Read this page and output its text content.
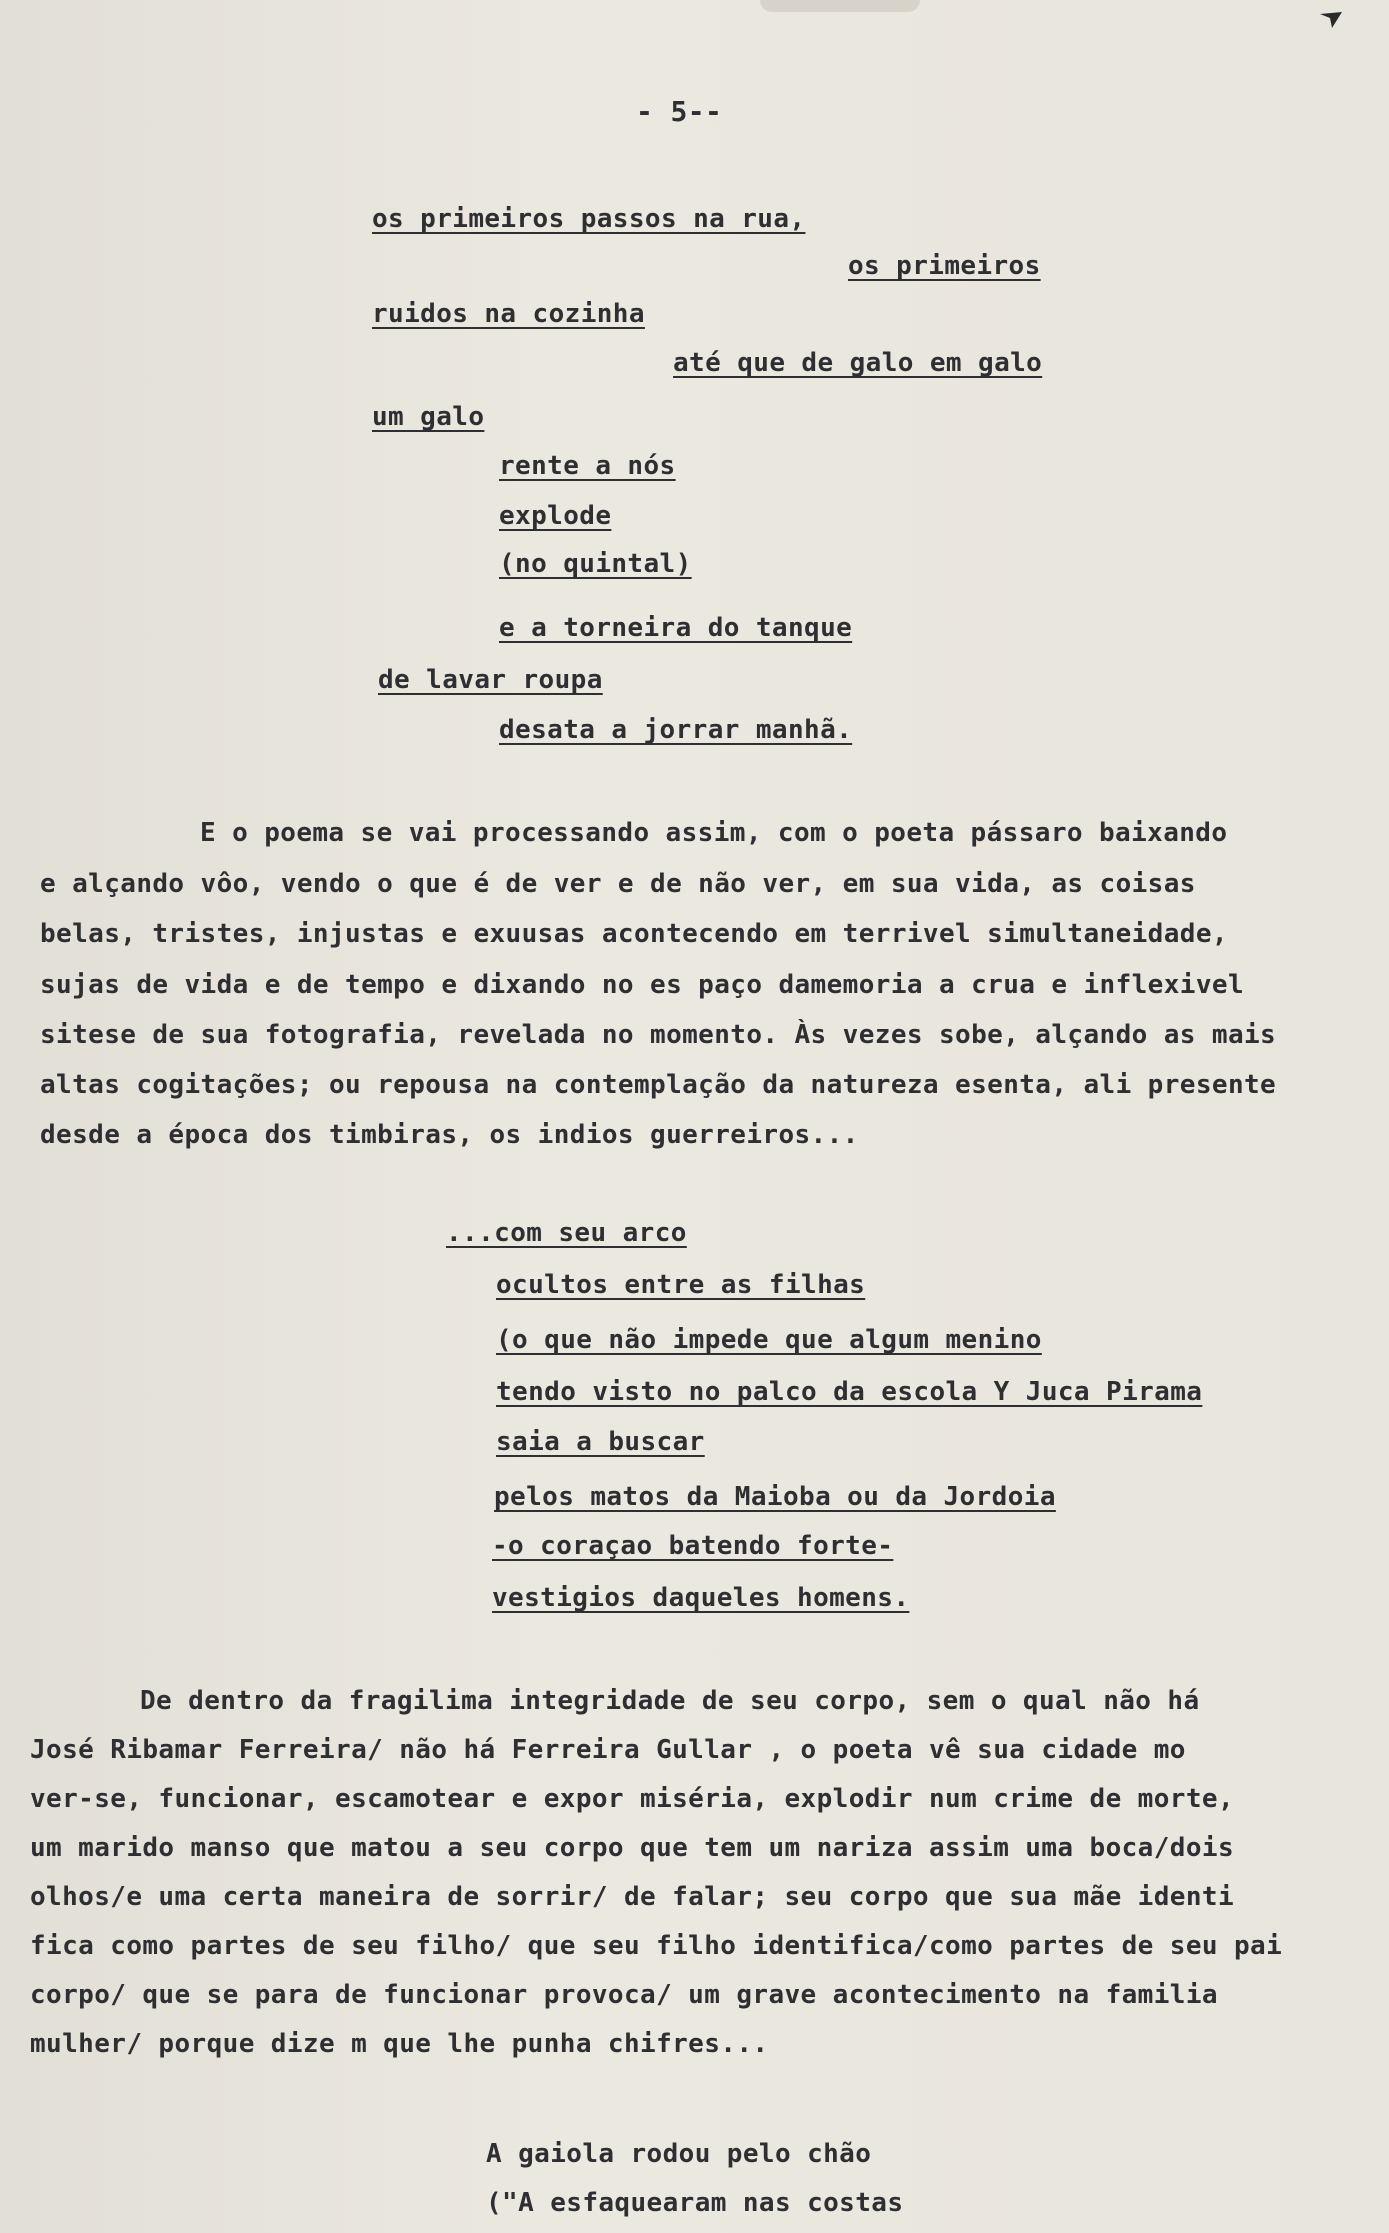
- 5--
os primeiros passos na rua,
os primeiros
ruidos na cozinha
até que de galo em galo
um galo
rente a nós
explode
(no quintal)
e a torneira do tanque
de lavar roupa
desata a jorrar manhã.
E o poema se vai processando assim, com o poeta pássaro baixando
e alçando vôo, vendo o que é de ver e de não ver, em sua vida, as coisas
belas, tristes, injustas e exuusas acontecendo em terrivel simultaneidade,
sujas de vida e de tempo e dixando no es paço damemoria a crua e inflexivel
sitese de sua fotografia, revelada no momento. Às vezes sobe, alçando as mais
altas cogitações; ou repousa na contemplação da natureza esenta, ali presente
desde a época dos timbiras, os indios guerreiros...
...com seu arco
ocultos entre as filhas
(o que não impede que algum menino
tendo visto no palco da escola Y Juca Pirama
saia a buscar
pelos matos da Maioba ou da Jordoia
-o coraçao batendo forte-
vestigios daqueles homens.
De dentro da fragilima integridade de seu corpo, sem o qual não há
José Ribamar Ferreira/ não há Ferreira Gullar , o poeta vê sua cidade mo
ver-se, funcionar, escamotear e expor miséria, explodir num crime de morte,
um marido manso que matou a seu corpo que tem um nariza assim uma boca/dois
olhos/e uma certa maneira de sorrir/ de falar; seu corpo que sua mãe identi
fica como partes de seu filho/ que seu filho identifica/como partes de seu pai
corpo/ que se para de funcionar provoca/ um grave acontecimento na familia
mulher/ porque dize m que lhe punha chifres...
A gaiola rodou pelo chão
("A esfaquearam nas costas
